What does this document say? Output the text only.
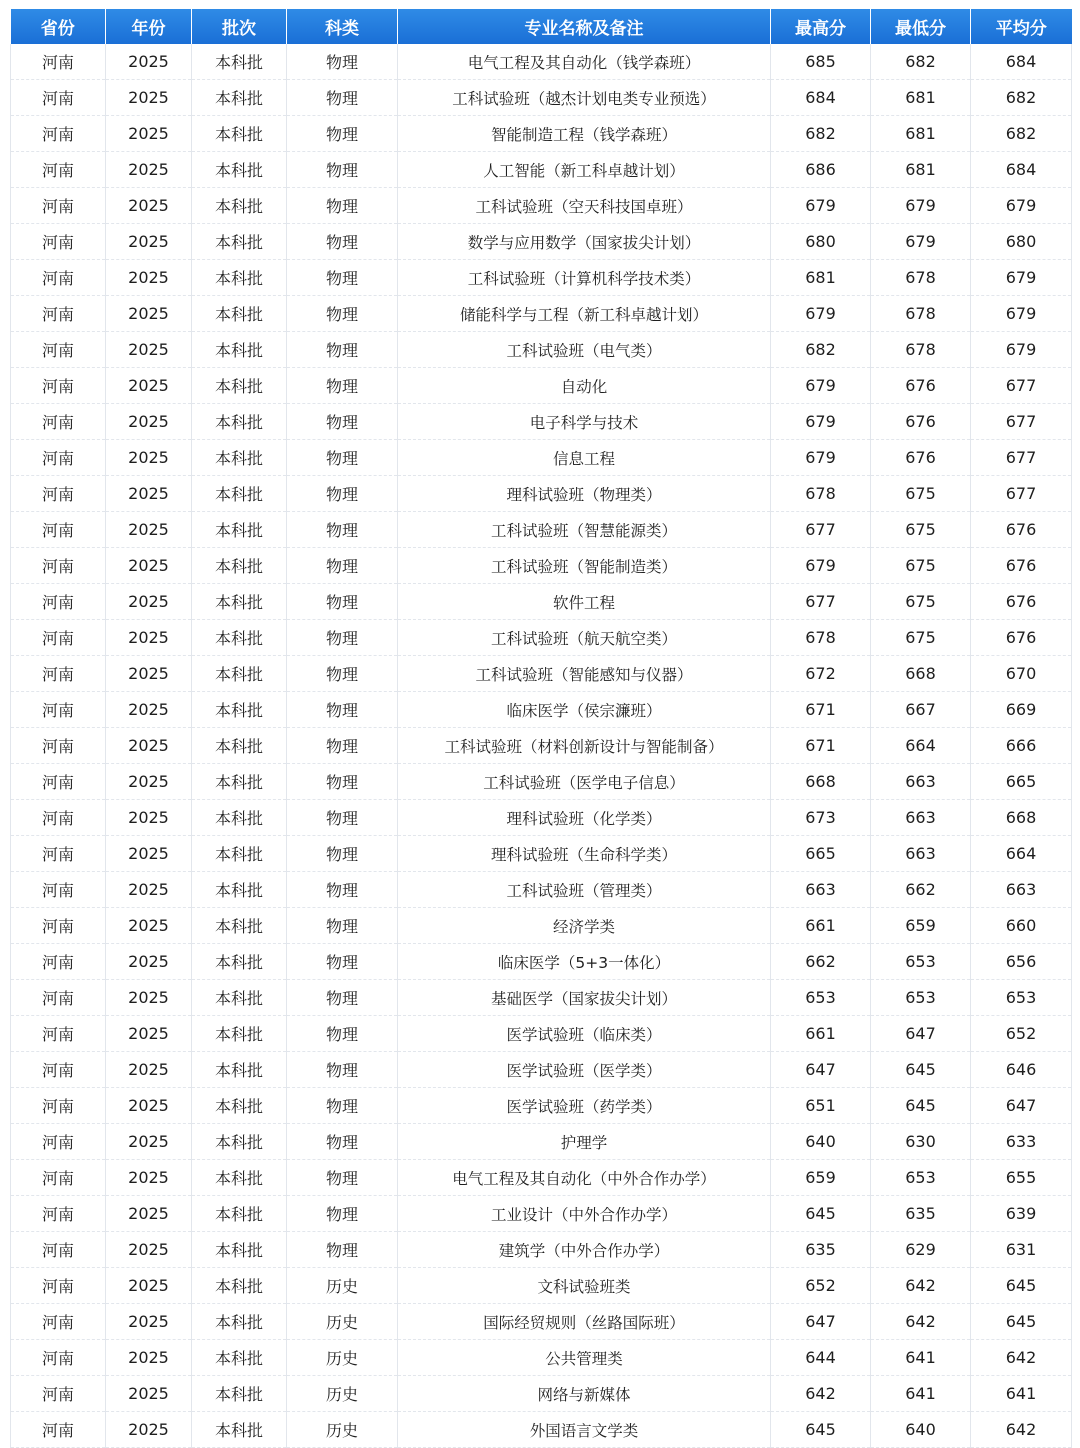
省份	年份	批次	科类	专业名称及备注	最高分	最低分	平均分
河南	2025	本科批	物理	电气工程及其自动化（钱学森班）	685	682	684
河南	2025	本科批	物理	工科试验班（越杰计划电类专业预选）	684	681	682
河南	2025	本科批	物理	智能制造工程（钱学森班）	682	681	682
河南	2025	本科批	物理	人工智能（新工科卓越计划）	686	681	684
河南	2025	本科批	物理	工科试验班（空天科技国卓班）	679	679	679
河南	2025	本科批	物理	数学与应用数学（国家拔尖计划）	680	679	680
河南	2025	本科批	物理	工科试验班（计算机科学技术类）	681	678	679
河南	2025	本科批	物理	储能科学与工程（新工科卓越计划）	679	678	679
河南	2025	本科批	物理	工科试验班（电气类）	682	678	679
河南	2025	本科批	物理	自动化	679	676	677
河南	2025	本科批	物理	电子科学与技术	679	676	677
河南	2025	本科批	物理	信息工程	679	676	677
河南	2025	本科批	物理	理科试验班（物理类）	678	675	677
河南	2025	本科批	物理	工科试验班（智慧能源类）	677	675	676
河南	2025	本科批	物理	工科试验班（智能制造类）	679	675	676
河南	2025	本科批	物理	软件工程	677	675	676
河南	2025	本科批	物理	工科试验班（航天航空类）	678	675	676
河南	2025	本科批	物理	工科试验班（智能感知与仪器）	672	668	670
河南	2025	本科批	物理	临床医学（侯宗濂班）	671	667	669
河南	2025	本科批	物理	工科试验班（材料创新设计与智能制备）	671	664	666
河南	2025	本科批	物理	工科试验班（医学电子信息）	668	663	665
河南	2025	本科批	物理	理科试验班（化学类）	673	663	668
河南	2025	本科批	物理	理科试验班（生命科学类）	665	663	664
河南	2025	本科批	物理	工科试验班（管理类）	663	662	663
河南	2025	本科批	物理	经济学类	661	659	660
河南	2025	本科批	物理	临床医学（5+3一体化）	662	653	656
河南	2025	本科批	物理	基础医学（国家拔尖计划）	653	653	653
河南	2025	本科批	物理	医学试验班（临床类）	661	647	652
河南	2025	本科批	物理	医学试验班（医学类）	647	645	646
河南	2025	本科批	物理	医学试验班（药学类）	651	645	647
河南	2025	本科批	物理	护理学	640	630	633
河南	2025	本科批	物理	电气工程及其自动化（中外合作办学）	659	653	655
河南	2025	本科批	物理	工业设计（中外合作办学）	645	635	639
河南	2025	本科批	物理	建筑学（中外合作办学）	635	629	631
河南	2025	本科批	历史	文科试验班类	652	642	645
河南	2025	本科批	历史	国际经贸规则（丝路国际班）	647	642	645
河南	2025	本科批	历史	公共管理类	644	641	642
河南	2025	本科批	历史	网络与新媒体	642	641	641
河南	2025	本科批	历史	外国语言文学类	645	640	642
